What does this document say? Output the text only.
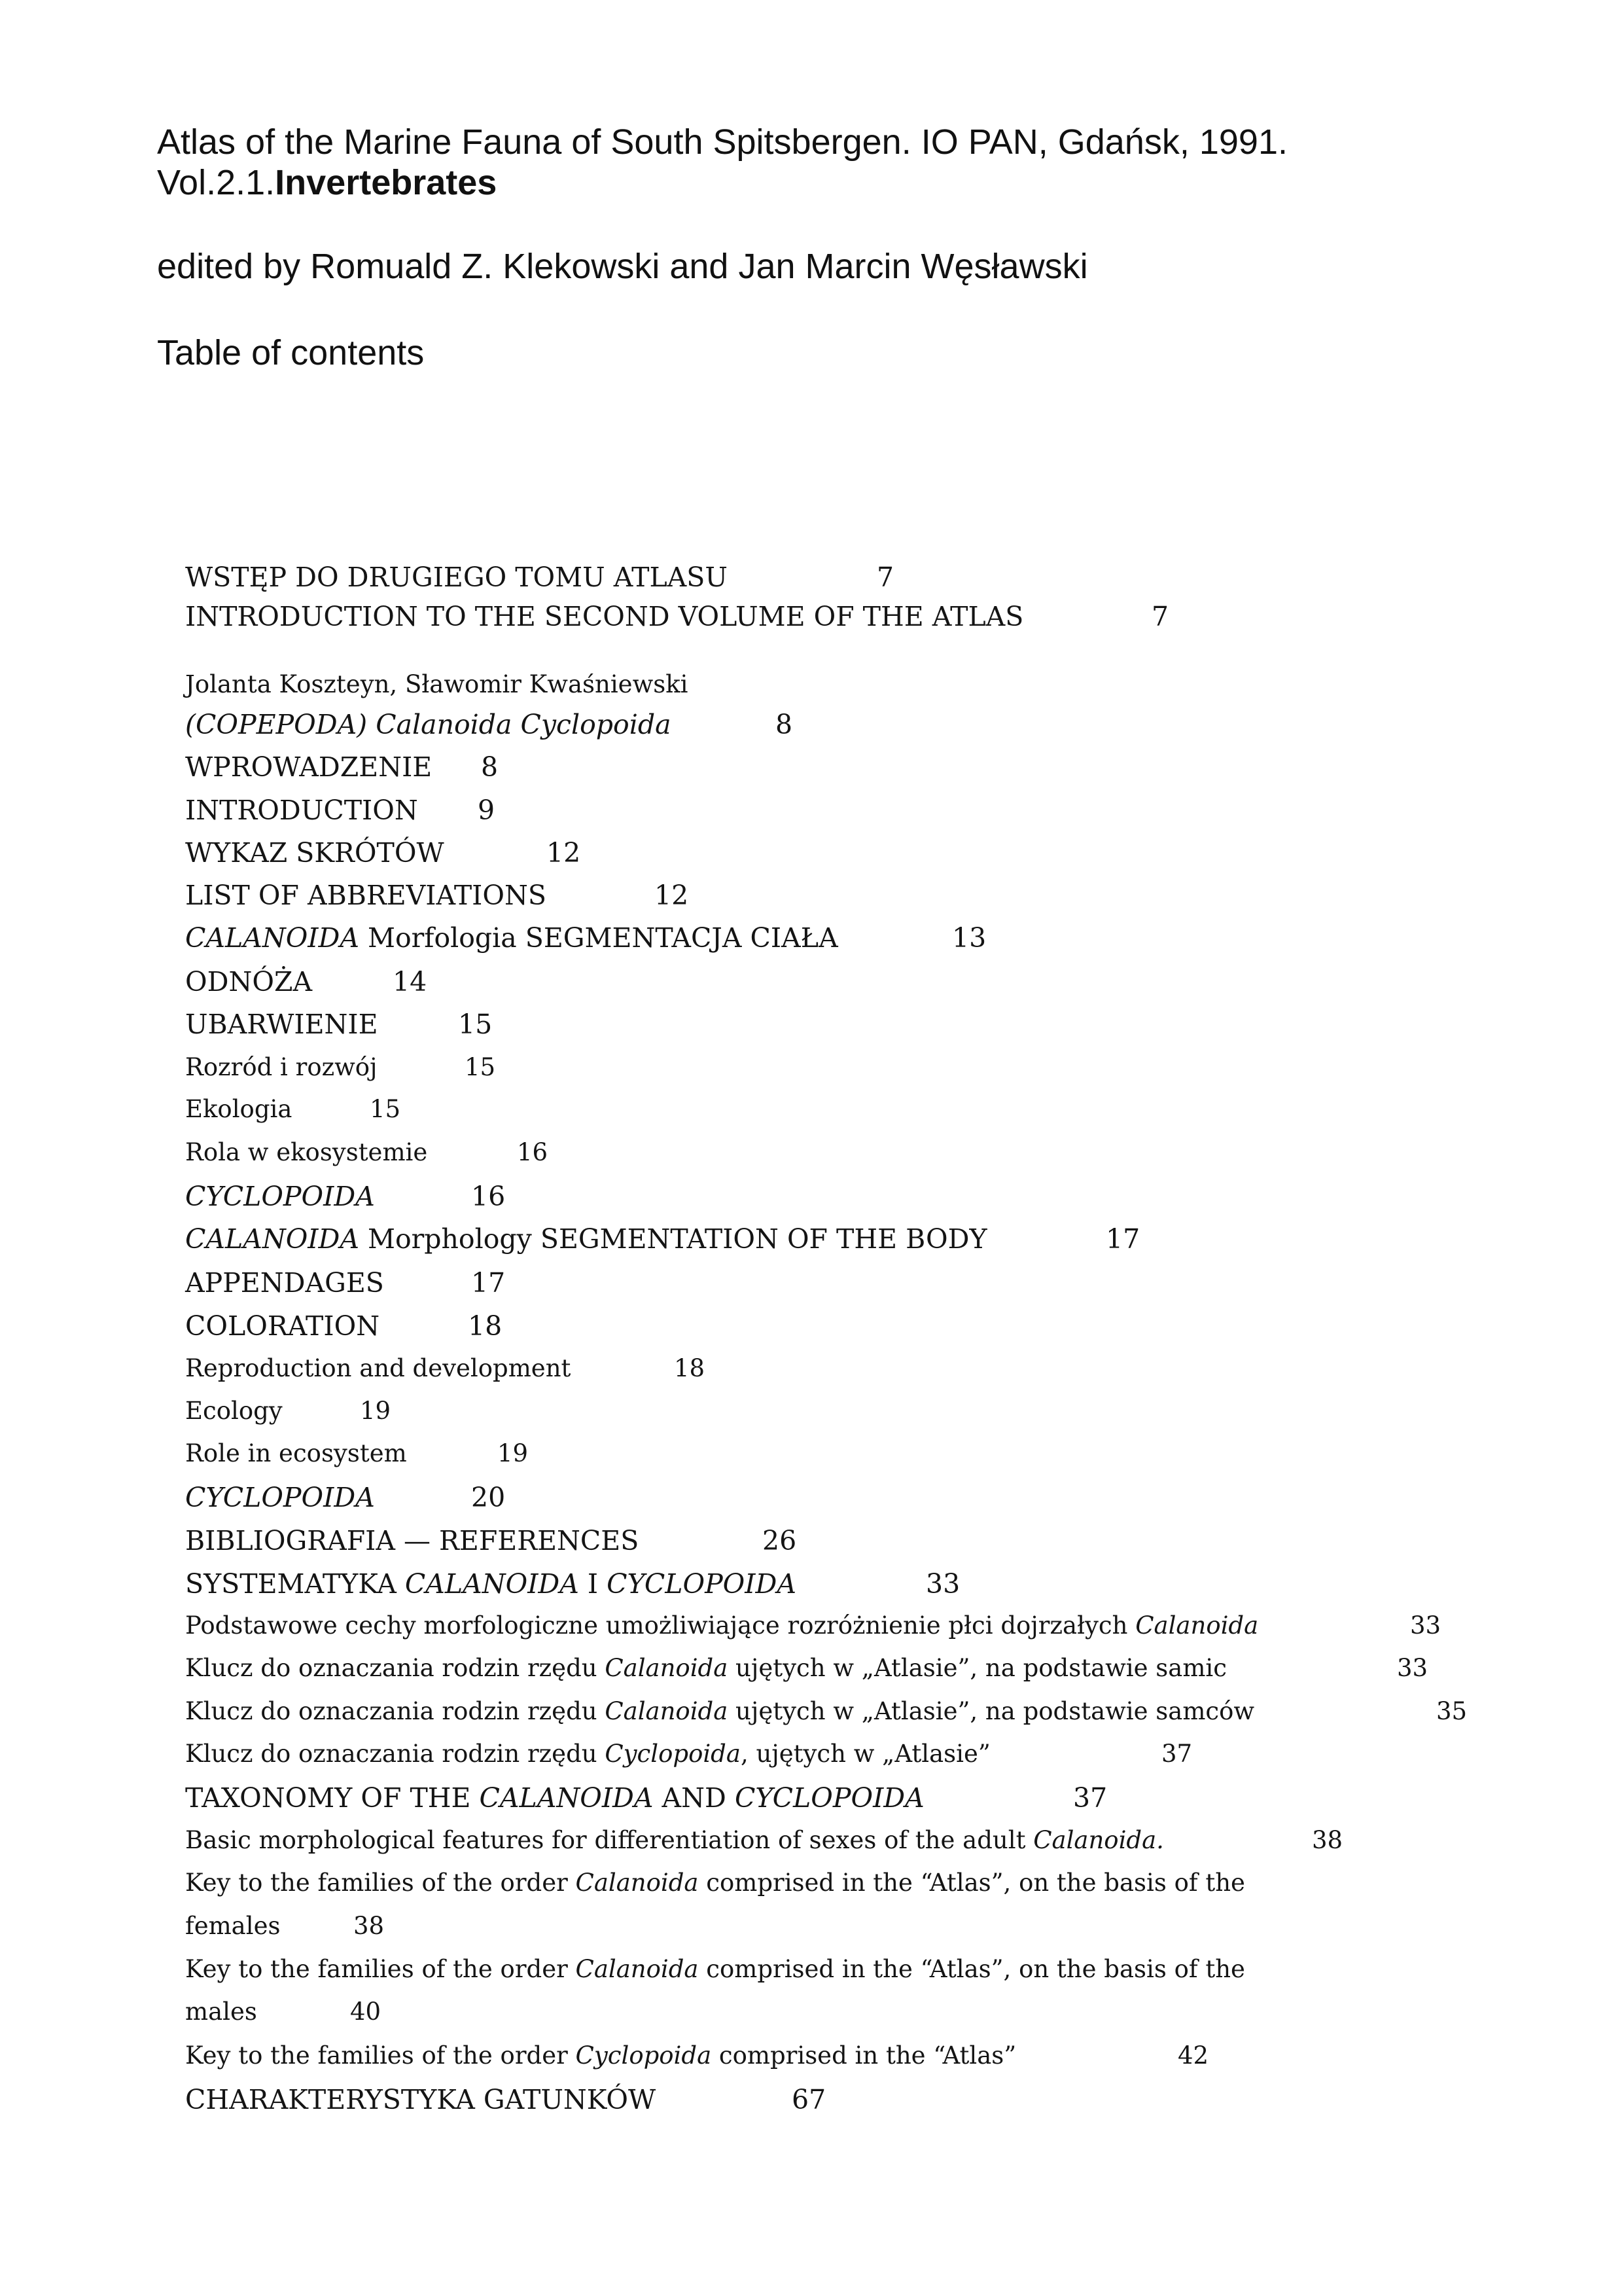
Atlas of the Marine Fauna of South Spitsbergen. IO PAN, Gdańsk, 1991.
Vol.2.1.Invertebrates
edited by Romuald Z. Klekowski and Jan Marcin Węsławski
Table of contents
WSTĘP DO DRUGIEGO TOMU ATLASU	7
INTRODUCTION TO THE SECOND VOLUME OF THE ATLAS	7
Jolanta Koszteyn, Sławomir Kwaśniewski
(COPEPODA) Calanoida Cyclopoida	8
WPROWADZENIE 8
INTRODUCTION 9
WYKAZ SKRÓTÓW	12
LIST OF ABBREVIATIONS	12
CALANOIDA Morfologia SEGMENTACJA CIAŁA	13
ODNÓŻA	14
UBARWIENIE	15
Rozród i rozwój	15
Ekologia	15
Rola w ekosystemie	16
CYCLOPOIDA	16
CALANOIDA Morphology SEGMENTATION OF THE BODY	17
APPENDAGES	17
COLORATION	18
Reproduction and development	18
Ecology	19
Role in ecosystem	19
CYCLOPOIDA	20
BIBLIOGRAFIA — REFERENCES	26
SYSTEMATYKA CALANOIDA I CYCLOPOIDA	33
Podstawowe cechy morfologiczne umożliwiające rozróżnienie płci dojrzałych Calanoida	33
Klucz do oznaczania rodzin rzędu Calanoida ujętych w „Atlasie”, na podstawie samic	33
Klucz do oznaczania rodzin rzędu Calanoida ujętych w „Atlasie”, na podstawie samców	35
Klucz do oznaczania rodzin rzędu Cyclopoida, ujętych w „Atlasie”	37
TAXONOMY OF THE CALANOIDA AND CYCLOPOIDA	37
Basic morphological features for differentiation of sexes of the adult Calanoida.	38
Key to the families of the order Calanoida comprised in the “Atlas”, on the basis of the
females	38
Key to the families of the order Calanoida comprised in the “Atlas”, on the basis of the
males	40
Key to the families of the order Cyclopoida comprised in the “Atlas”	42
CHARAKTERYSTYKA GATUNKÓW	67
